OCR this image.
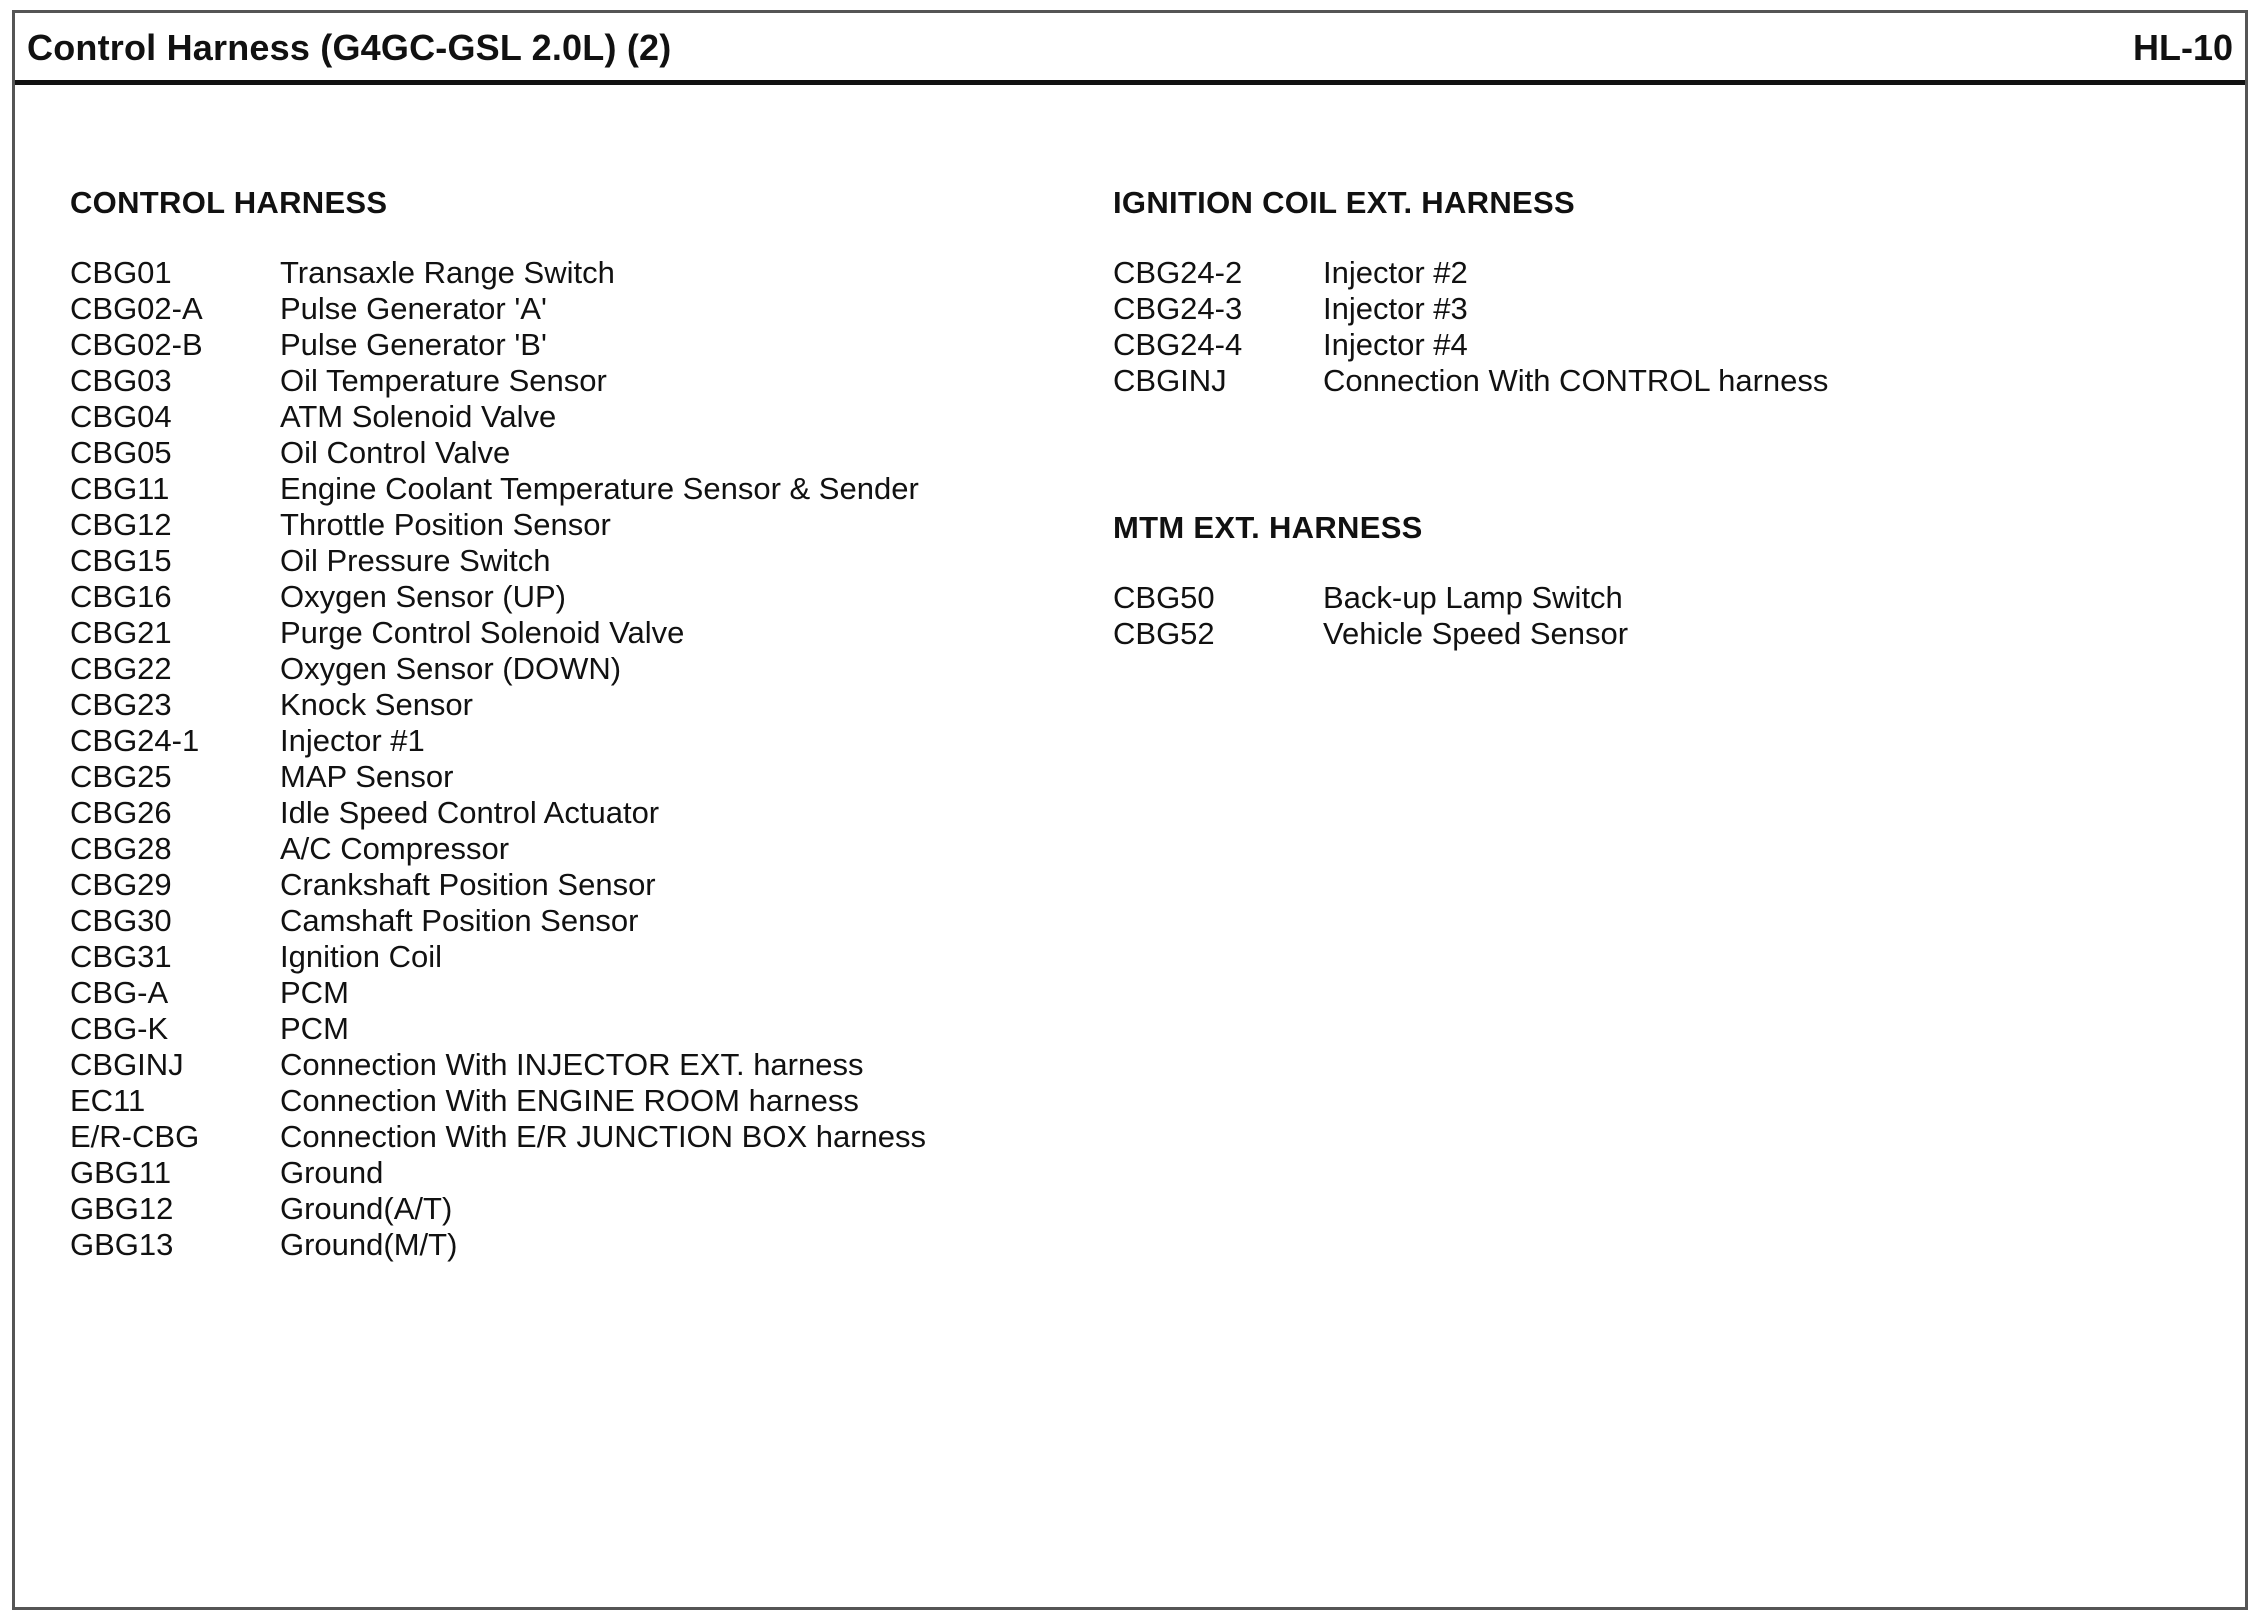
Control Harness (G4GC-GSL 2.0L) (2)	HL-10
CONTROL HARNESS
CBG01	Transaxle Range Switch
CBG02-A Pulse Generator 'A'
CBG02-B Pulse Generator 'B'
CBG03	Oil Temperature Sensor
CBG04	ATM Solenoid Valve
CBG05	Oil Control Valve
CBG11	Engine Coolant Temperature Sensor & Sender
CBG12	Throttle Position Sensor
CBG15	Oil Pressure Switch
CBG16	Oxygen Sensor (UP)
CBG21	Purge Control Solenoid Valve
CBG22	Oxygen Sensor (DOWN)
CBG23	Knock Sensor
CBG24-1	Injector #1
CBG25	MAP Sensor
CBG26	Idle Speed Control Actuator
CBG28	A/C Compressor
CBG29	Crankshaft Position Sensor
CBG30	Camshaft Position Sensor
CBG31	Ignition Coil
CBG-A	PCM
CBG-K	PCM
CBGINJ	Connection With INJECTOR EXT. harness
EC11	Connection With ENGINE ROOM harness
E/R-CBG	Connection With E/R JUNCTION BOX harness
GBG11	Ground
GBG12	Ground(A/T)
GBG13	Ground(M/T)
IGNITION COIL EXT. HARNESS
CBG24-2	Injector #2
CBG24-3	Injector #3
CBG24-4	Injector #4
CBGINJ	Connection With CONTROL harness
MTM EXT. HARNESS
CBG50	Back-up Lamp Switch
CBG52	Vehicle Speed Sensor
